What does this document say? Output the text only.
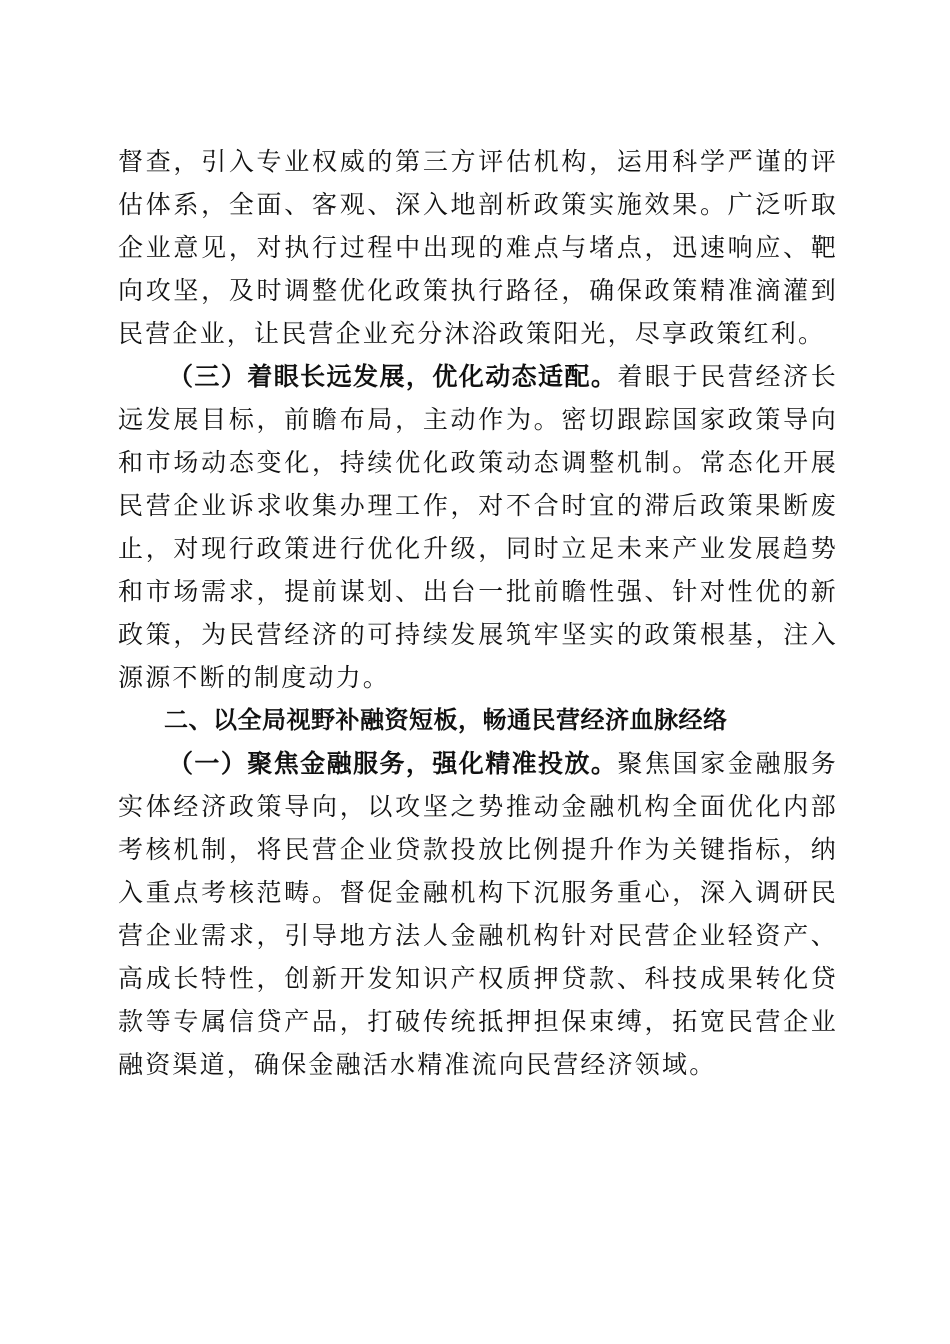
督查，引入专业权威的第三方评估机构，运用科学严谨的评估体系，全面、客观、深入地剖析政策实施效果。广泛听取企业意见，对执行过程中出现的难点与堵点，迅速响应、靶向攻坚，及时调整优化政策执行路径，确保政策精准滴灌到民营企业，让民营企业充分沐浴政策阳光，尽享政策红利。

（三）着眼长远发展，优化动态适配。着眼于民营经济长远发展目标，前瞻布局，主动作为。密切跟踪国家政策导向和市场动态变化，持续优化政策动态调整机制。常态化开展民营企业诉求收集办理工作，对不合时宜的滞后政策果断废止，对现行政策进行优化升级，同时立足未来产业发展趋势和市场需求，提前谋划、出台一批前瞻性强、针对性优的新政策，为民营经济的可持续发展筑牢坚实的政策根基，注入源源不断的制度动力。

二、以全局视野补融资短板，畅通民营经济血脉经络

（一）聚焦金融服务，强化精准投放。聚焦国家金融服务实体经济政策导向，以攻坚之势推动金融机构全面优化内部考核机制，将民营企业贷款投放比例提升作为关键指标，纳入重点考核范畴。督促金融机构下沉服务重心，深入调研民营企业需求，引导地方法人金融机构针对民营企业轻资产、高成长特性，创新开发知识产权质押贷款、科技成果转化贷款等专属信贷产品，打破传统抵押担保束缚，拓宽民营企业融资渠道，确保金融活水精准流向民营经济领域。
